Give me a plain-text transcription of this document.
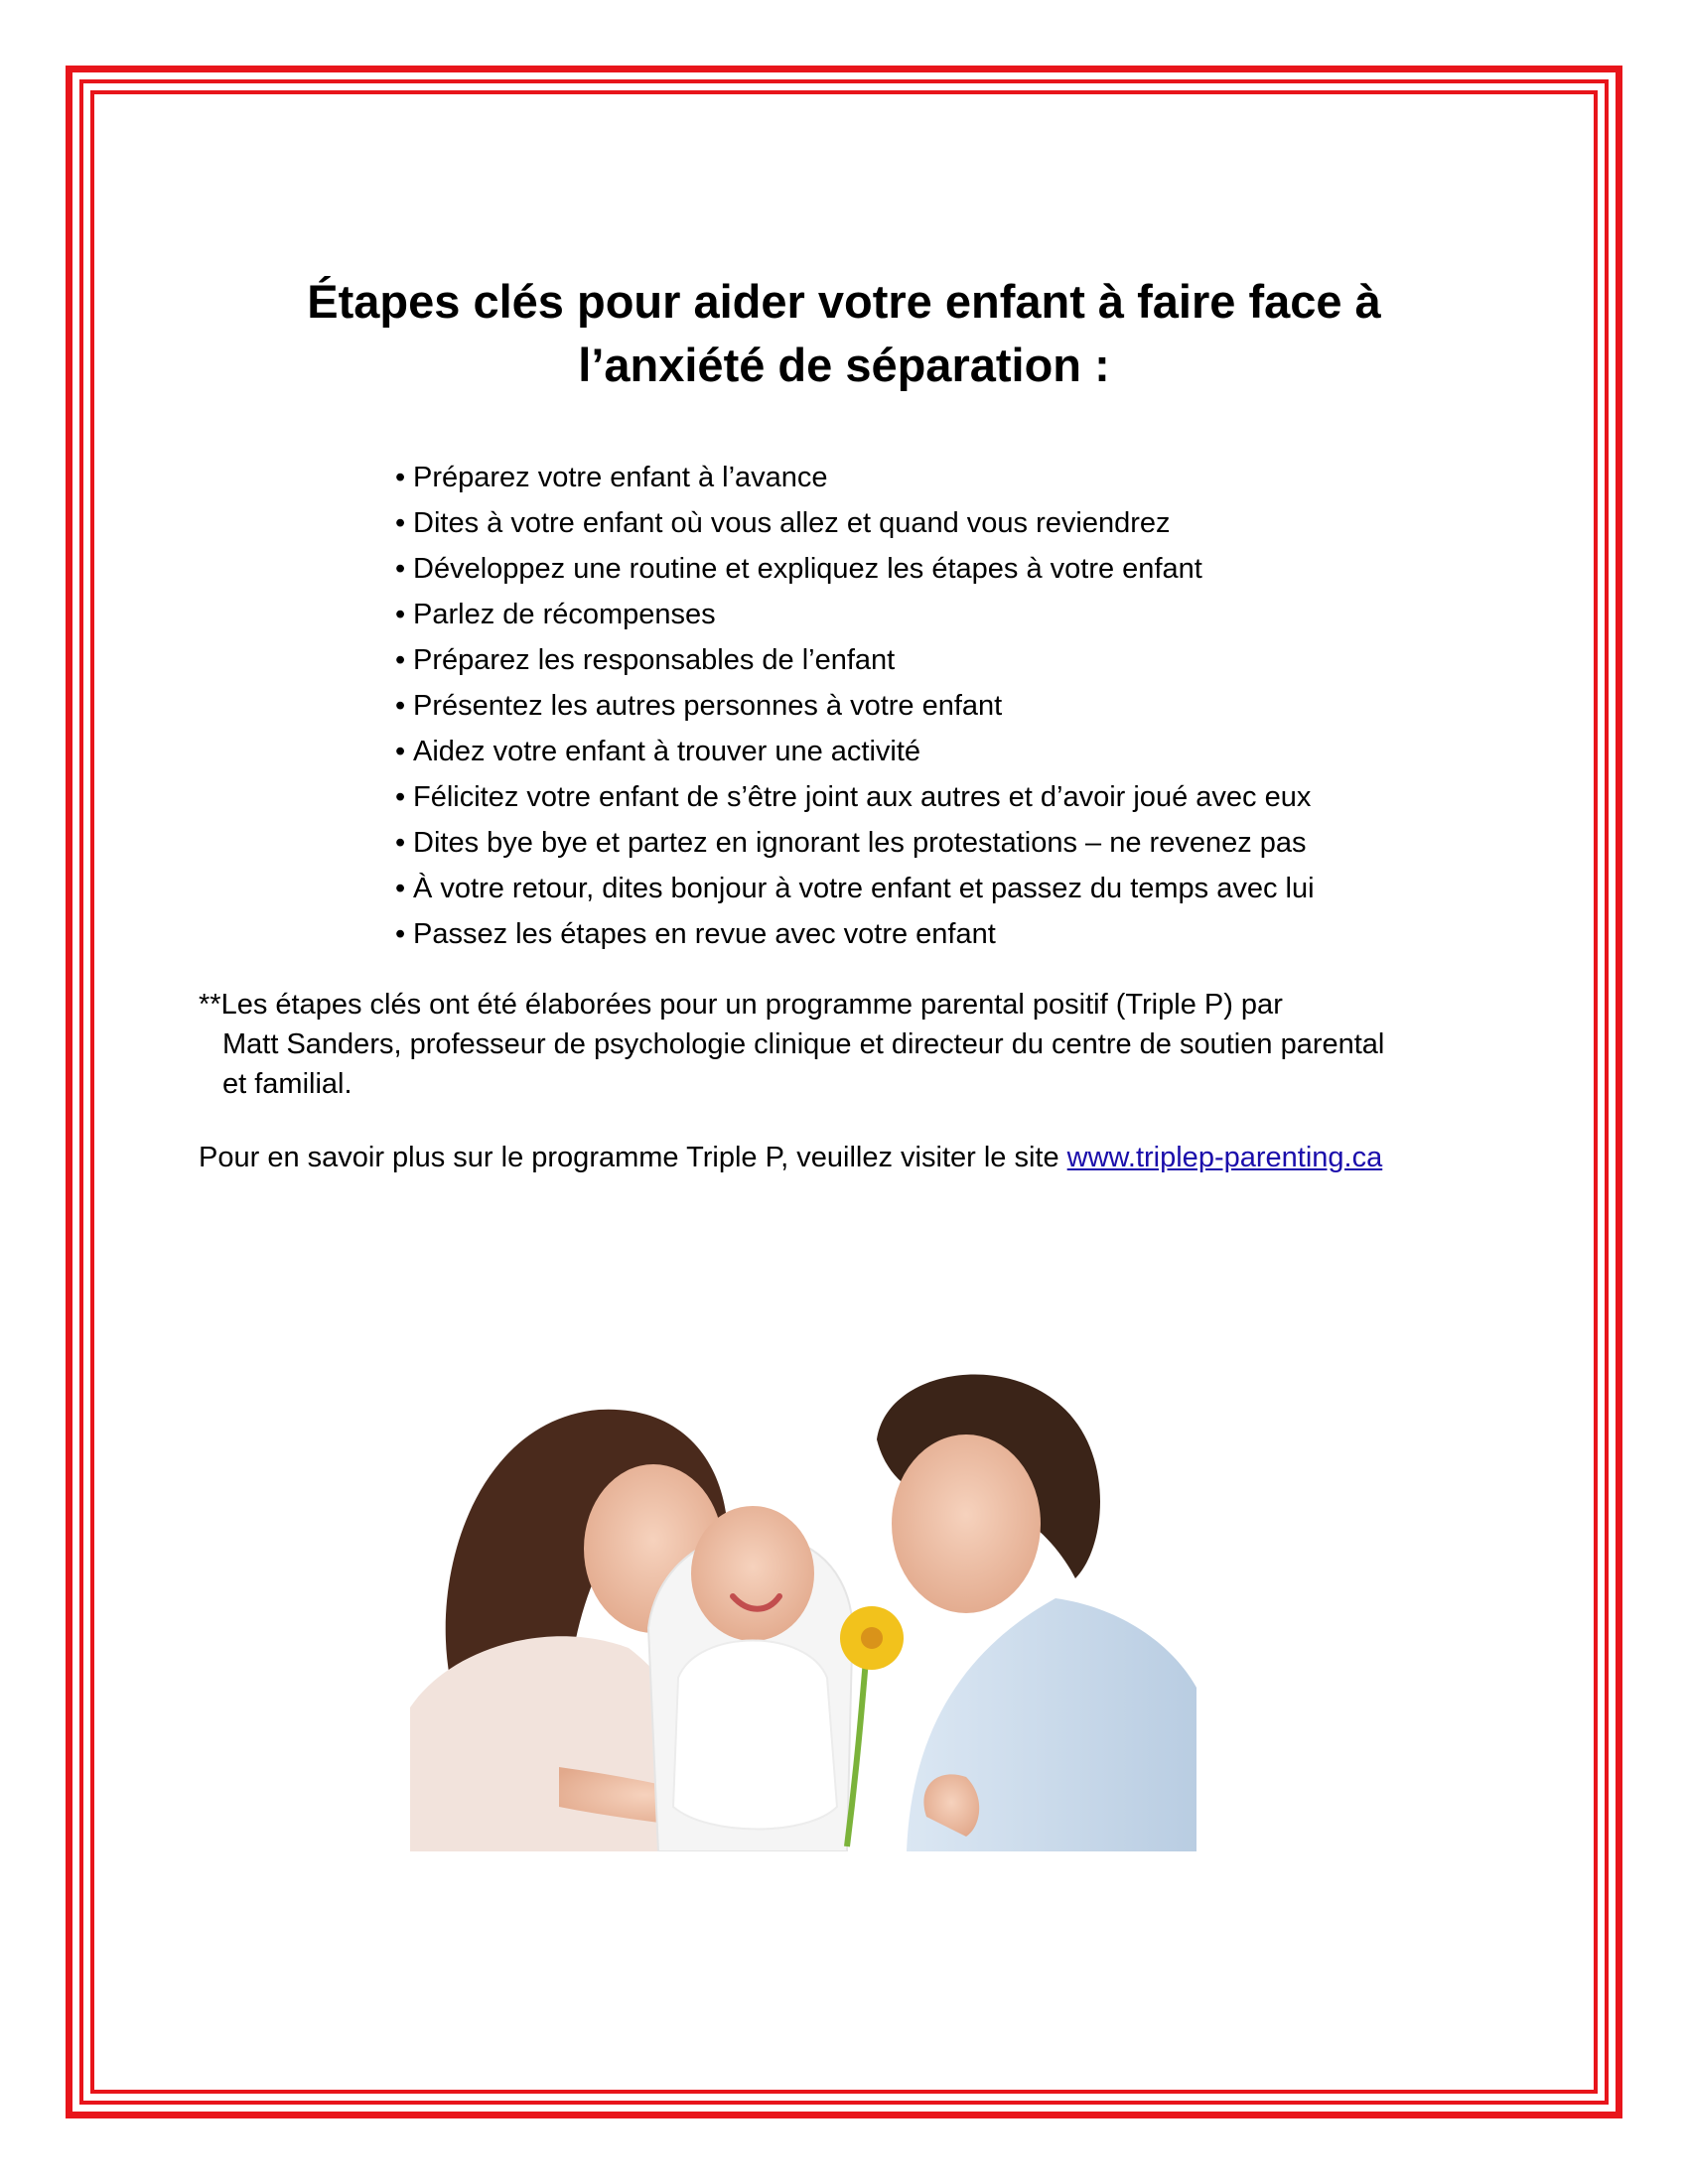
Étapes clés pour aider votre enfant à faire face à
l’anxiété de séparation :
• Préparez votre enfant à l’avance
• Dites à votre enfant où vous allez et quand vous reviendrez
• Développez une routine et expliquez les étapes à votre enfant
• Parlez de récompenses
• Préparez les responsables de l’enfant
• Présentez les autres personnes à votre enfant
• Aidez votre enfant à trouver une activité
• Félicitez votre enfant de s’être joint aux autres et d’avoir joué avec eux
• Dites bye bye et partez en ignorant les protestations – ne revenez pas
• À votre retour, dites bonjour à votre enfant et passez du temps avec lui
• Passez les étapes en revue avec votre enfant

**Les étapes clés ont été élaborées pour un programme parental positif (Triple P) par
Matt Sanders, professeur de psychologie clinique et directeur du centre de soutien parental
et familial.

Pour en savoir plus sur le programme Triple P, veuillez visiter le site www.triplep-parenting.ca
